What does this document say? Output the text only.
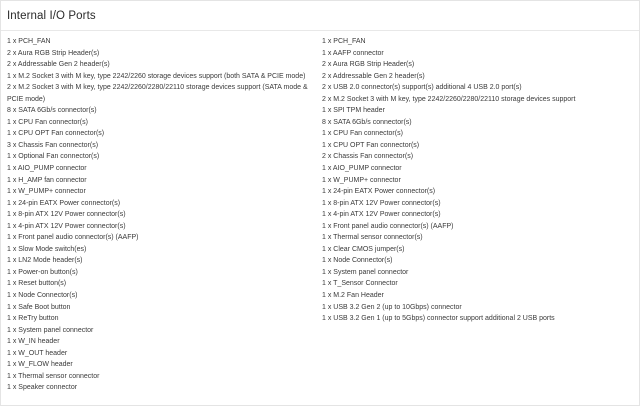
Internal I/O Ports
1 x PCH_FAN
2 x Aura RGB Strip Header(s)
2 x Addressable Gen 2 header(s)
1 x M.2 Socket 3 with M key, type 2242/2260 storage devices support (both SATA & PCIE mode)
2 x M.2 Socket 3 with M key, type 2242/2260/2280/22110 storage devices support (SATA mode & PCIE mode)
8 x SATA 6Gb/s connector(s)
1 x CPU Fan connector(s)
1 x CPU OPT Fan connector(s)
3 x Chassis Fan connector(s)
1 x Optional Fan connector(s)
1 x AIO_PUMP connector
1 x H_AMP fan connector
1 x W_PUMP+ connector
1 x 24-pin EATX Power connector(s)
1 x 8-pin ATX 12V Power connector(s)
1 x 4-pin ATX 12V Power connector(s)
1 x Front panel audio connector(s) (AAFP)
1 x Slow Mode switch(es)
1 x LN2 Mode header(s)
1 x Power-on button(s)
1 x Reset button(s)
1 x Node Connector(s)
1 x Safe Boot button
1 x ReTry button
1 x System panel connector
1 x W_IN header
1 x W_OUT header
1 x W_FLOW header
1 x Thermal sensor connector
1 x Speaker connector
1 x PCH_FAN
1 x AAFP connector
2 x Aura RGB Strip Header(s)
2 x Addressable Gen 2 header(s)
2 x USB 2.0 connector(s) support(s) additional 4 USB 2.0 port(s)
2 x M.2 Socket 3 with M key, type 2242/2260/2280/22110 storage devices support
1 x SPI TPM header
8 x SATA 6Gb/s connector(s)
1 x CPU Fan connector(s)
1 x CPU OPT Fan connector(s)
2 x Chassis Fan connector(s)
1 x AIO_PUMP connector
1 x W_PUMP+ connector
1 x 24-pin EATX Power connector(s)
1 x 8-pin ATX 12V Power connector(s)
1 x 4-pin ATX 12V Power connector(s)
1 x Front panel audio connector(s) (AAFP)
1 x Thermal sensor connector(s)
1 x Clear CMOS jumper(s)
1 x Node Connector(s)
1 x System panel connector
1 x T_Sensor Connector
1 x M.2 Fan Header
1 x USB 3.2 Gen 2 (up to 10Gbps) connector
1 x USB 3.2 Gen 1 (up to 5Gbps) connector support additional 2 USB ports
